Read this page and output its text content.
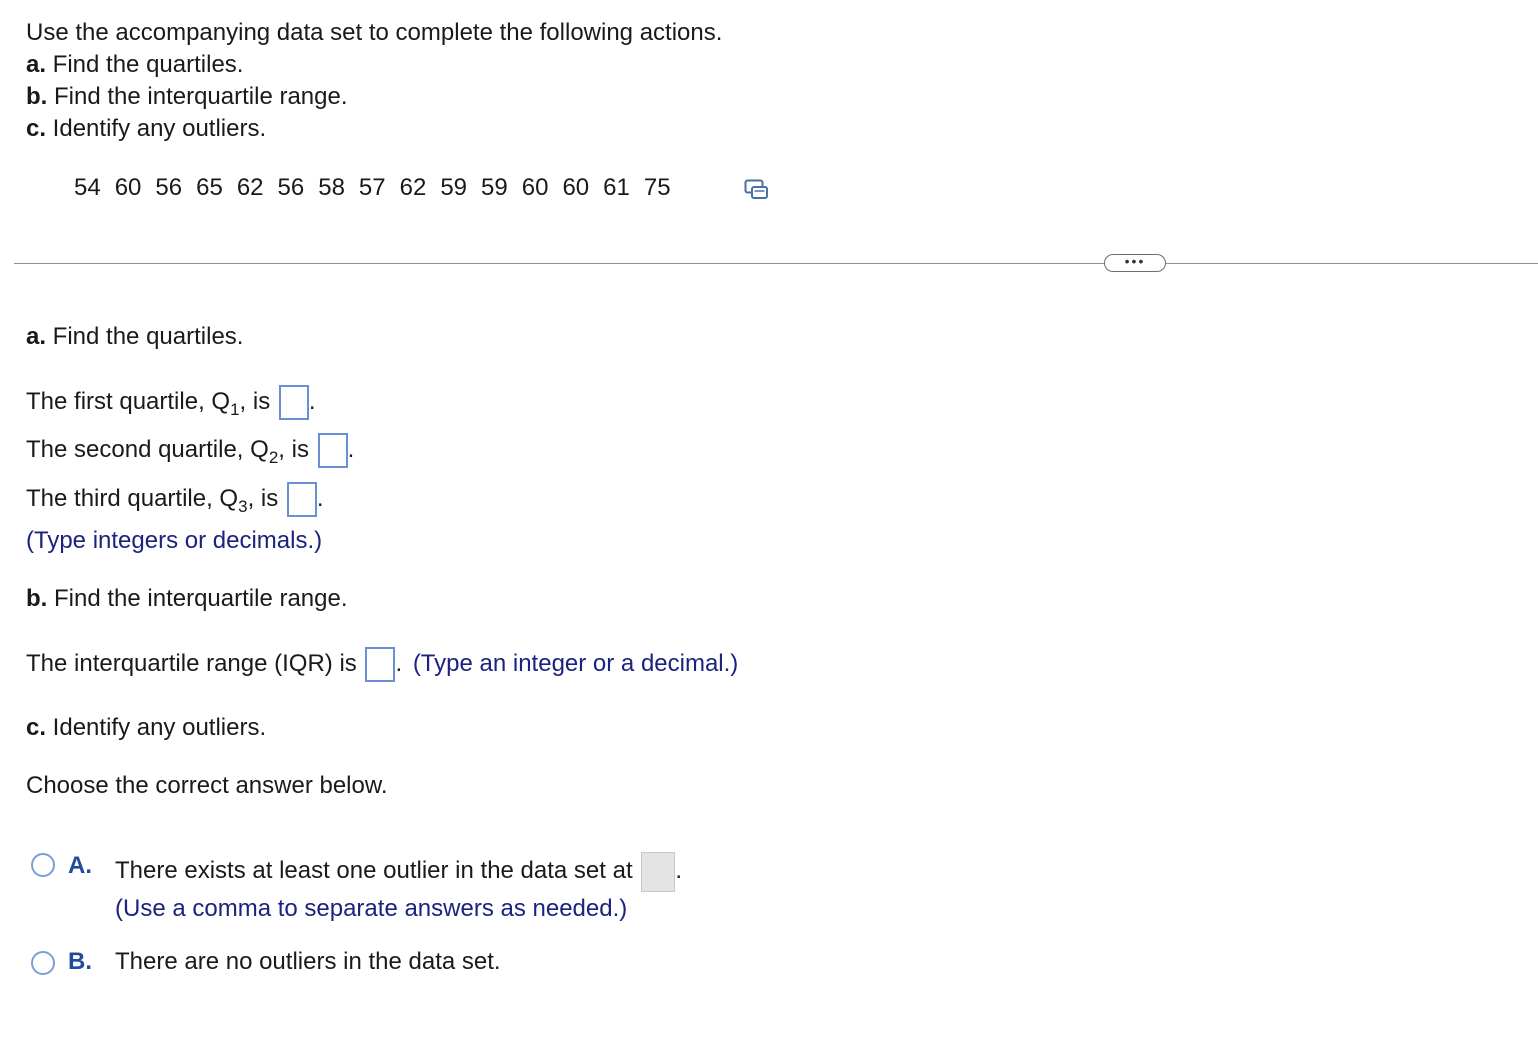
Use the accompanying data set to complete the following actions.
a. Find the quartiles.
b. Find the interquartile range.
c. Identify any outliers.
54 60 56 65 62 56 58 57 62 59 59 60 60 61 75
•••
a. Find the quartiles.
The first quartile, $Q_1$, is .
The second quartile, $Q_2$, is .
The third quartile, $Q_3$, is .
(Type integers or decimals.)
b. Find the interquartile range.
The interquartile range (IQR) is . (Type an integer or a decimal.)
c. Identify any outliers.
Choose the correct answer below.
A. There exists at least one outlier in the data set at .
(Use a comma to separate answers as needed.)
B. There are no outliers in the data set.
